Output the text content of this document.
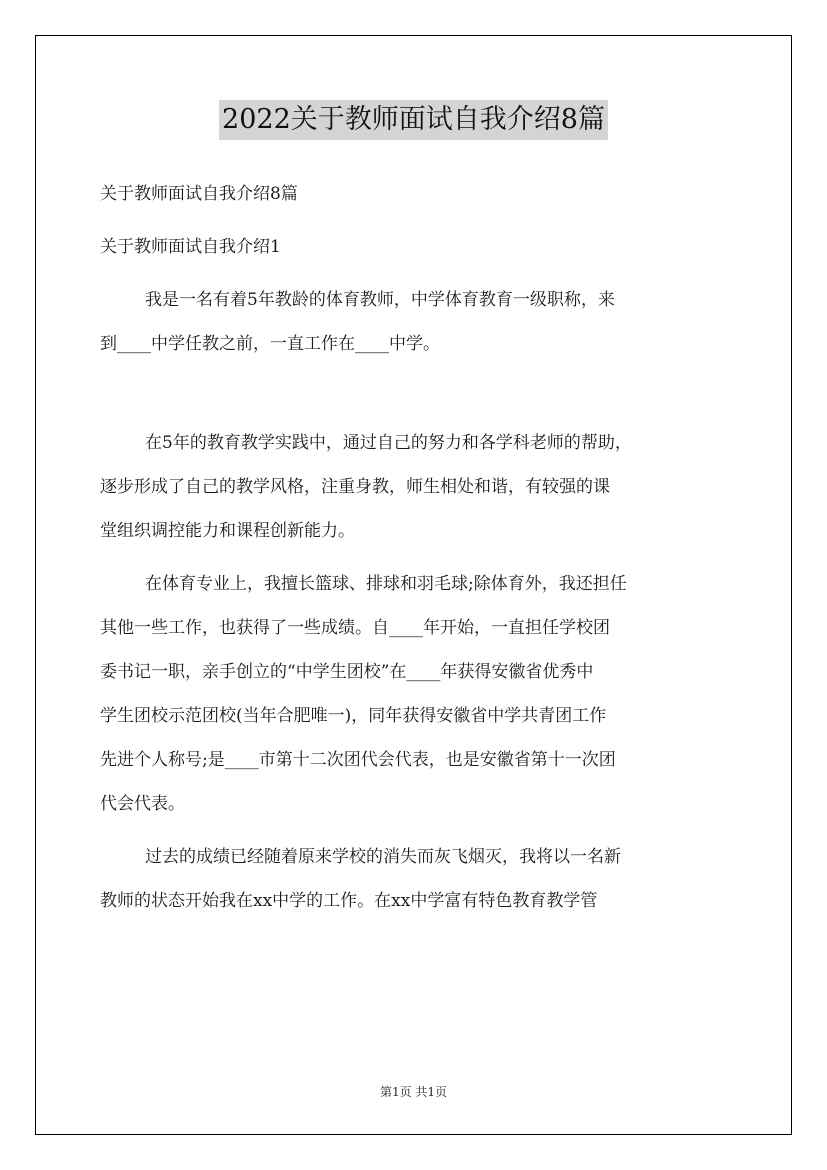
2022关于教师面试自我介绍8篇
关于教师面试自我介绍8篇
关于教师面试自我介绍1
我是一名有着5年教龄的体育教师，中学体育教育一级职称，来
到____中学任教之前，一直工作在____中学。
在5年的教育教学实践中，通过自己的努力和各学科老师的帮助，
逐步形成了自己的教学风格，注重身教，师生相处和谐，有较强的课
堂组织调控能力和课程创新能力。
在体育专业上，我擅长篮球、排球和羽毛球;除体育外，我还担任
其他一些工作，也获得了一些成绩。自____年开始，一直担任学校团
委书记一职，亲手创立的“中学生团校”在____年获得安徽省优秀中
学生团校示范团校(当年合肥唯一)，同年获得安徽省中学共青团工作
先进个人称号;是____市第十二次团代会代表，也是安徽省第十一次团
代会代表。
过去的成绩已经随着原来学校的消失而灰飞烟灭，我将以一名新
教师的状态开始我在xx中学的工作。在xx中学富有特色教育教学管
第1页 共1页
